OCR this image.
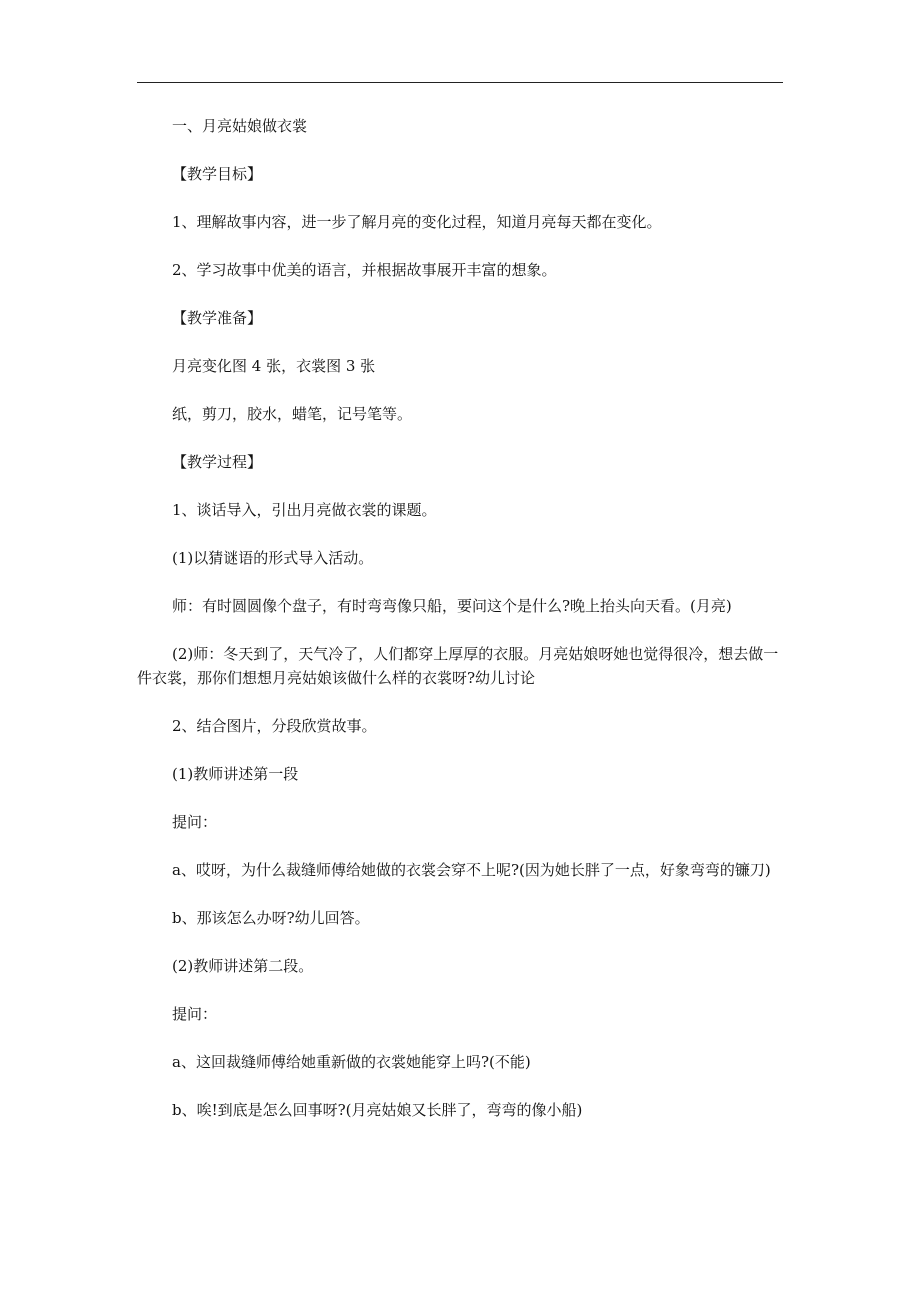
一、月亮姑娘做衣裳

【教学目标】

1、理解故事内容，进一步了解月亮的变化过程，知道月亮每天都在变化。

2、学习故事中优美的语言，并根据故事展开丰富的想象。

【教学准备】

月亮变化图 4 张，衣裳图 3 张

纸，剪刀，胶水，蜡笔，记号笔等。

【教学过程】

1、谈话导入，引出月亮做衣裳的课题。

(1)以猜谜语的形式导入活动。

师：有时圆圆像个盘子，有时弯弯像只船，要问这个是什么?晚上抬头向天看。(月亮)

(2)师：冬天到了，天气冷了，人们都穿上厚厚的衣服。月亮姑娘呀她也觉得很冷，想去做一件衣裳，那你们想想月亮姑娘该做什么样的衣裳呀?幼儿讨论

2、结合图片，分段欣赏故事。

(1)教师讲述第一段

提问：

a、哎呀，为什么裁缝师傅给她做的衣裳会穿不上呢?(因为她长胖了一点，好象弯弯的镰刀)

b、那该怎么办呀?幼儿回答。

(2)教师讲述第二段。

提问：

a、这回裁缝师傅给她重新做的衣裳她能穿上吗?(不能)

b、唉!到底是怎么回事呀?(月亮姑娘又长胖了，弯弯的像小船)
